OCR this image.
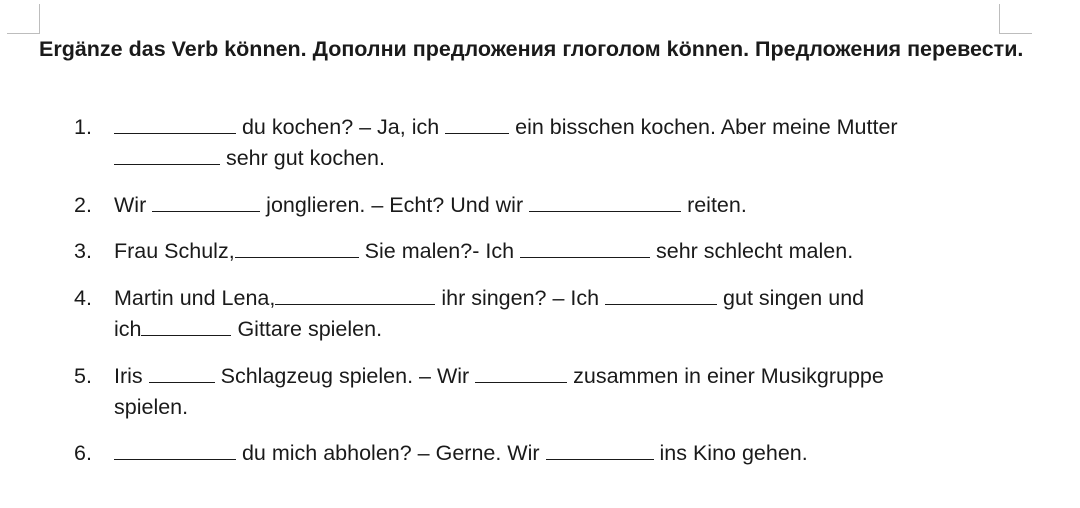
Ergänze das Verb können. Дополни предложения глоголом können. Предложения перевести.
1.	du kochen? – Ja, ich	ein bisschen kochen. Aber meine Mutter
sehr gut kochen.
2.	Wir	jonglieren. – Echt? Und wir	reiten.
3.	Frau Schulz,	Sie malen?- Ich	sehr schlecht malen.
4.	Martin und Lena,	ihr singen? – Ich	gut singen und
ich	Gittare spielen.
5.	Iris	Schlagzeug spielen. – Wir	zusammen in einer Musikgruppe
spielen.
6.	du mich abholen? – Gerne. Wir	ins Kino gehen.
